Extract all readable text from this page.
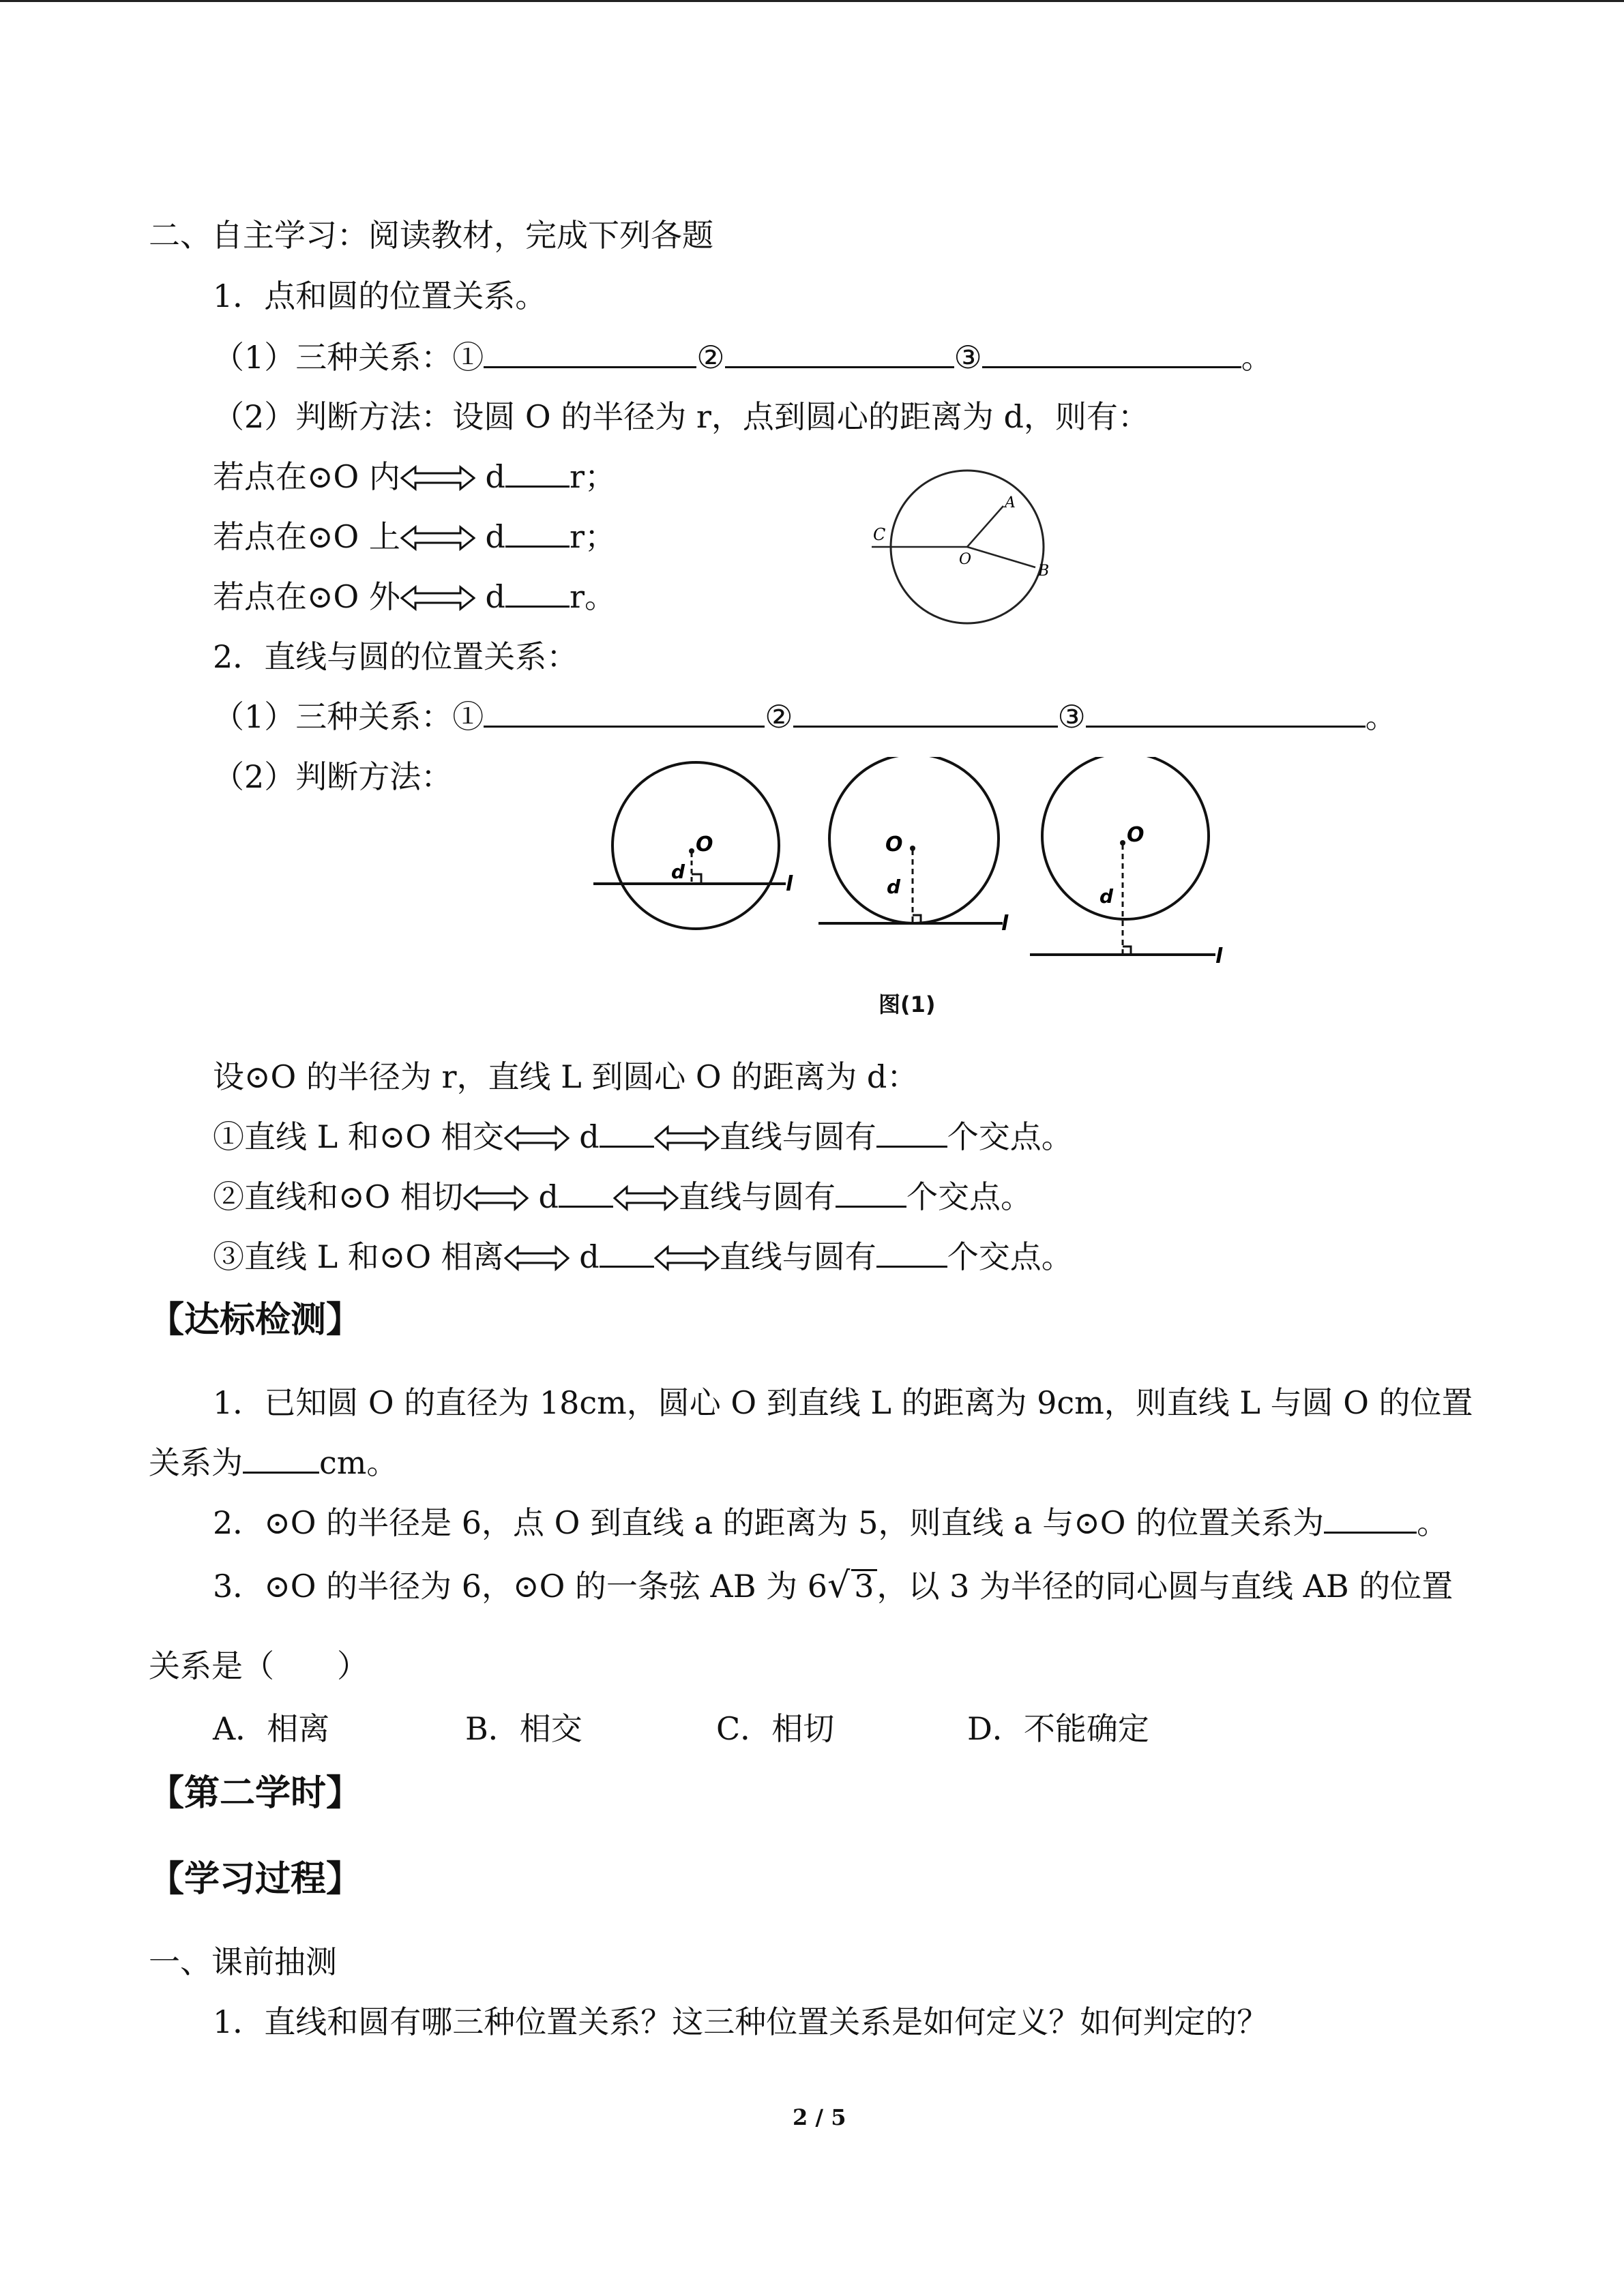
二、自主学习：阅读教材，完成下列各题
1．点和圆的位置关系。
（1）三种关系：①	②	③	。
（2）判断方法：设圆 O 的半径为 r，点到圆心的距离为 d，则有：
若点在⊙O 内	d r；
若点在⊙O 上	d r；
若点在⊙O 外	d r。
C
O
A
B
2．直线与圆的位置关系：
（1）三种关系：①	②	③	。
（2）判断方法：
O
d
l
O
d
l
O
d
l
图(1)
设⊙O 的半径为 r，直线 L 到圆心 O 的距离为 d：
①直线 L 和⊙O 相交 d	直线与圆有 个交点。
②直线和⊙O 相切 d	直线与圆有 个交点。
③直线 L 和⊙O 相离 d	直线与圆有 个交点。
【达标检测】
1．已知圆 O 的直径为 18cm，圆心 O 到直线 L 的距离为 9cm，则直线 L 与圆 O 的位置
关系为 cm。
2．⊙O 的半径是 6，点 O 到直线 a 的距离为 5，则直线 a 与⊙O 的位置关系为	。
3．⊙O 的半径为 6，⊙O 的一条弦 AB 为 6√ 3，以 3 为半径的同心圆与直线 AB 的位置
关系是（　　）
A．相离	B．相交	C．相切	D．不能确定
【第二学时】
【学习过程】
一、课前抽测
1．直线和圆有哪三种位置关系？这三种位置关系是如何定义？如何判定的？
2 / 5
